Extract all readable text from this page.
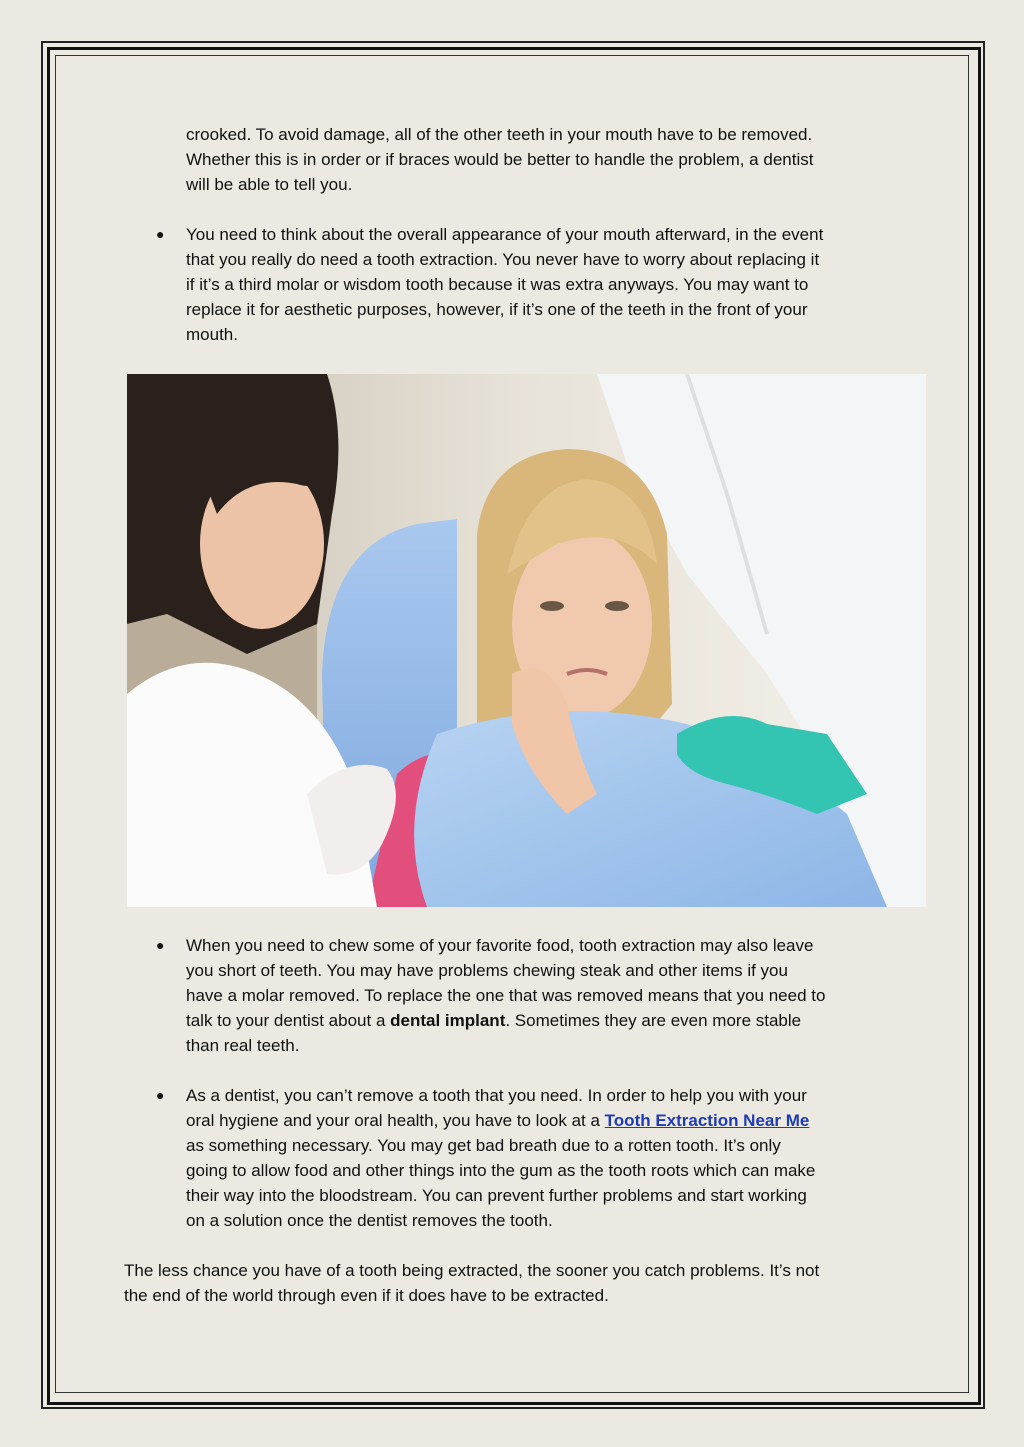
crooked. To avoid damage, all of the other teeth in your mouth have to be removed.
Whether this is in order or if braces would be better to handle the problem, a dentist
will be able to tell you.
● You need to think about the overall appearance of your mouth afterward, in the event
that you really do need a tooth extraction. You never have to worry about replacing it
if it’s a third molar or wisdom tooth because it was extra anyways. You may want to
replace it for aesthetic purposes, however, if it’s one of the teeth in the front of your
mouth.
● When you need to chew some of your favorite food, tooth extraction may also leave
you short of teeth. You may have problems chewing steak and other items if you
have a molar removed. To replace the one that was removed means that you need to
talk to your dentist about a dental implant. Sometimes they are even more stable
than real teeth.
● As a dentist, you can’t remove a tooth that you need. In order to help you with your
oral hygiene and your oral health, you have to look at a Tooth Extraction Near Me
as something necessary. You may get bad breath due to a rotten tooth. It’s only
going to allow food and other things into the gum as the tooth roots which can make
their way into the bloodstream. You can prevent further problems and start working
on a solution once the dentist removes the tooth.
The less chance you have of a tooth being extracted, the sooner you catch problems. It’s not
the end of the world through even if it does have to be extracted.
